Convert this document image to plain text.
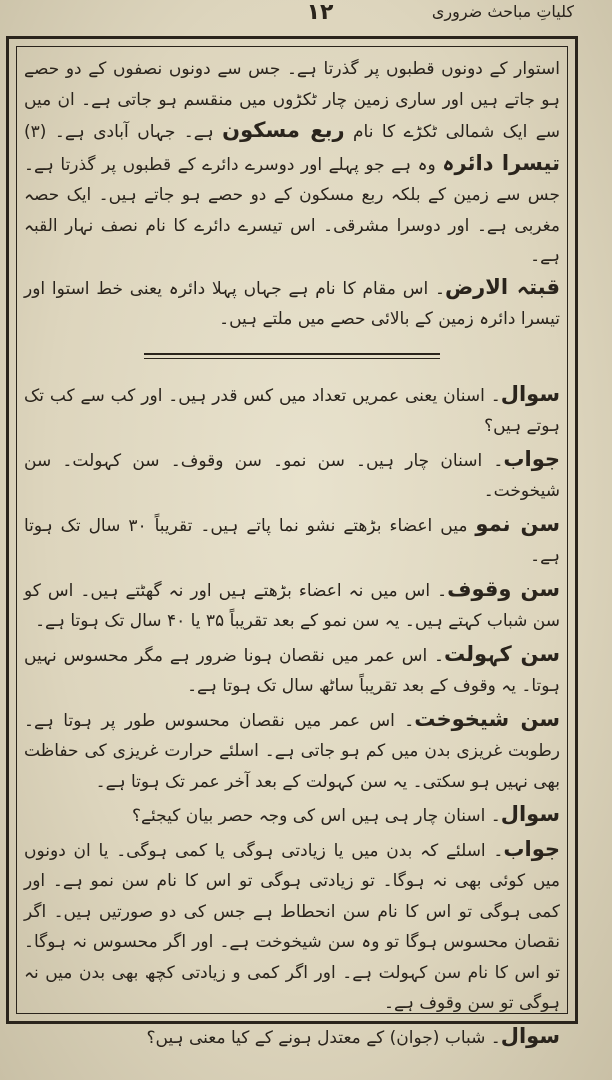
۱۲	کلیاتِ مباحث ضروری

استوار کے دونوں قطبوں پر گذرتا ہے۔ جس سے دونوں نصفوں کے دو حصے ہو جاتے ہیں اور ساری زمین چار ٹکڑوں میں منقسم ہو جاتی ہے۔ ان میں سے ایک شمالی ٹکڑے کا نام ربع مسکون ہے۔ جہاں آبادی ہے۔ (۳) تیسرا دائرہ وہ ہے جو پہلے اور دوسرے دائرے کے قطبوں پر گذرتا ہے۔ جس سے زمین کے بلکہ ربع مسکون کے دو حصے ہو جاتے ہیں۔ ایک حصہ مغربی ہے۔ اور دوسرا مشرقی۔ اس تیسرے دائرے کا نام نصف نہار القبہ ہے۔

قبتہ الارض۔ اس مقام کا نام ہے جہاں پہلا دائرہ یعنی خط استوا اور تیسرا دائرہ زمین کے بالائی حصے میں ملتے ہیں۔

سوال۔ اسنان یعنی عمریں تعداد میں کس قدر ہیں۔ اور کب سے کب تک ہوتے ہیں؟

جواب۔ اسنان چار ہیں۔ سن نمو۔ سن وقوف۔ سن کہولت۔ سن شیخوخت۔

سن نمو میں اعضاء بڑھتے نشو نما پاتے ہیں۔ تقریباً ۳۰ سال تک ہوتا ہے۔

سن وقوف۔ اس میں نہ اعضاء بڑھتے ہیں اور نہ گھٹتے ہیں۔ اس کو سن شباب کہتے ہیں۔ یہ سن نمو کے بعد تقریباً ۳۵ یا ۴۰ سال تک ہوتا ہے۔

سن کہولت۔ اس عمر میں نقصان ہونا ضرور ہے مگر محسوس نہیں ہوتا۔ یہ وقوف کے بعد تقریباً ساٹھ سال تک ہوتا ہے۔

سن شیخوخت۔ اس عمر میں نقصان محسوس طور پر ہوتا ہے۔ رطوبت غریزی بدن میں کم ہو جاتی ہے۔ اسلئے حرارت غریزی کی حفاظت بھی نہیں ہو سکتی۔ یہ سن کہولت کے بعد آخر عمر تک ہوتا ہے۔

سوال۔ اسنان چار ہی ہیں اس کی وجہ حصر بیان کیجئے؟

جواب۔ اسلئے کہ بدن میں یا زیادتی ہوگی یا کمی ہوگی۔ یا ان دونوں میں کوئی بھی نہ ہوگا۔ تو زیادتی ہوگی تو اس کا نام سن نمو ہے۔ اور کمی ہوگی تو اس کا نام سن انحطاط ہے جس کی دو صورتیں ہیں۔ اگر نقصان محسوس ہوگا تو وہ سن شیخوخت ہے۔ اور اگر محسوس نہ ہوگا۔ تو اس کا نام سن کہولت ہے۔ اور اگر کمی و زیادتی کچھ بھی بدن میں نہ ہوگی تو سن وقوف ہے۔

سوال۔ شباب (جوان) کے معتدل ہونے کے کیا معنی ہیں؟
